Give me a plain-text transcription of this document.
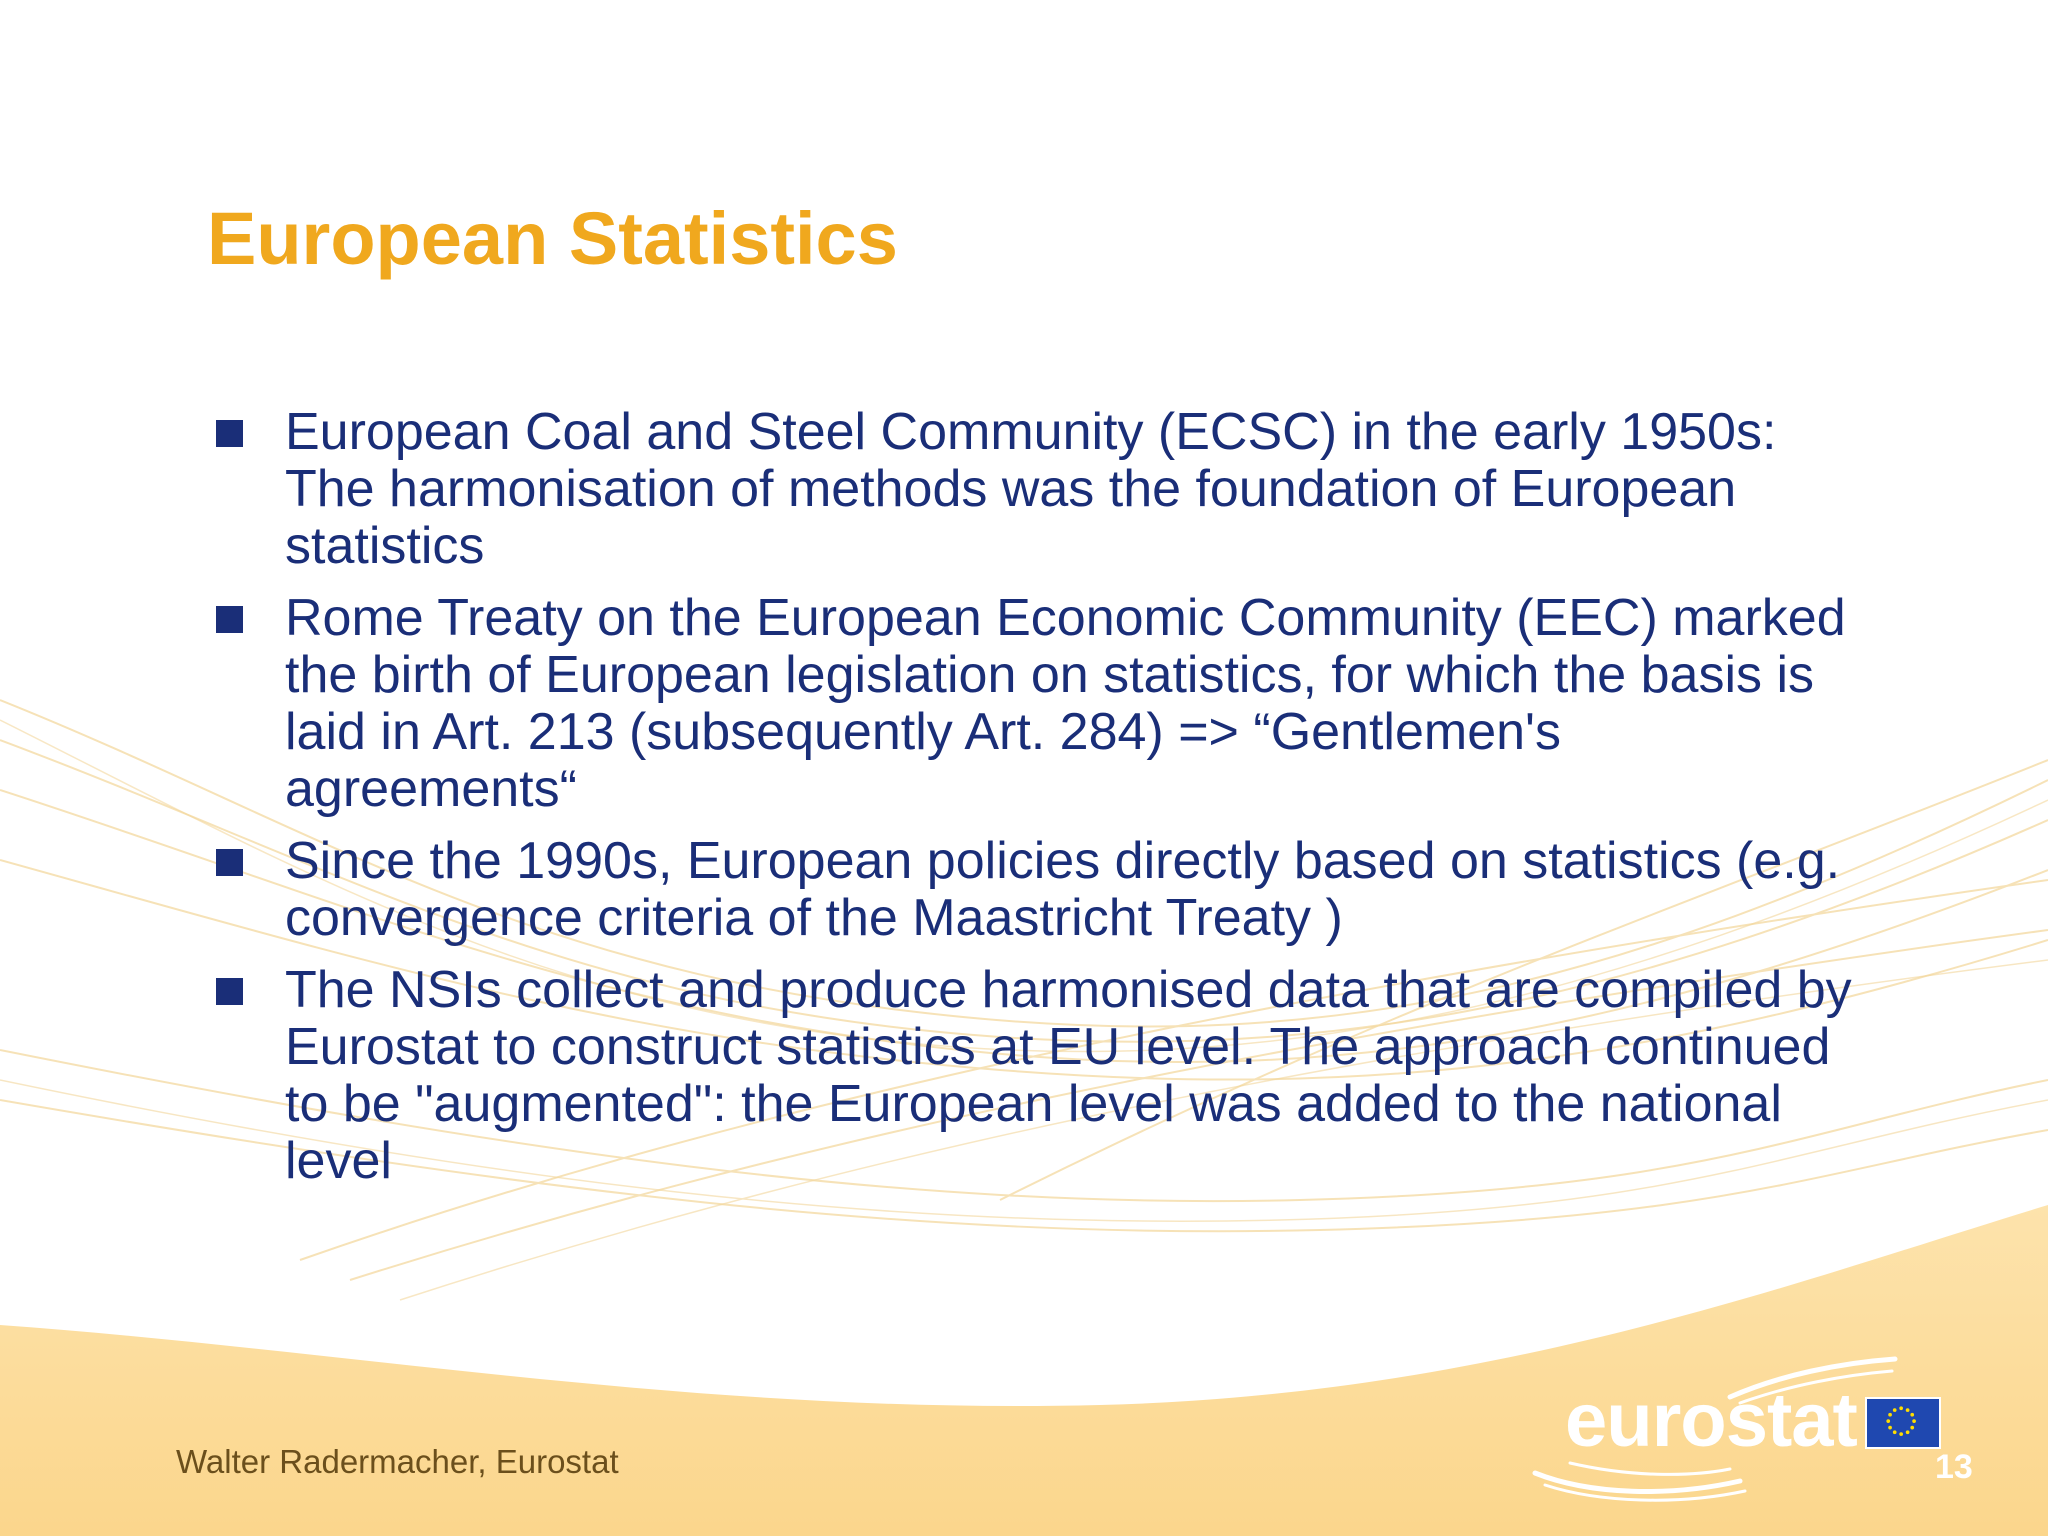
European Statistics
European Coal and Steel Community (ECSC) in the early 1950s: The harmonisation of methods was the foundation of European statistics
Rome Treaty on the European Economic Community (EEC) marked the birth of European legislation on statistics, for which the basis is laid in Art. 213 (subsequently Art. 284) => “Gentlemen's agreements“
Since the 1990s, European policies directly based on statistics (e.g. convergence criteria of the Maastricht Treaty )
The NSIs collect and produce harmonised data that are compiled by Eurostat to construct statistics at EU level. The approach continued to be "augmented": the European level was added to the national level
Walter Radermacher, Eurostat	eurostat
13
